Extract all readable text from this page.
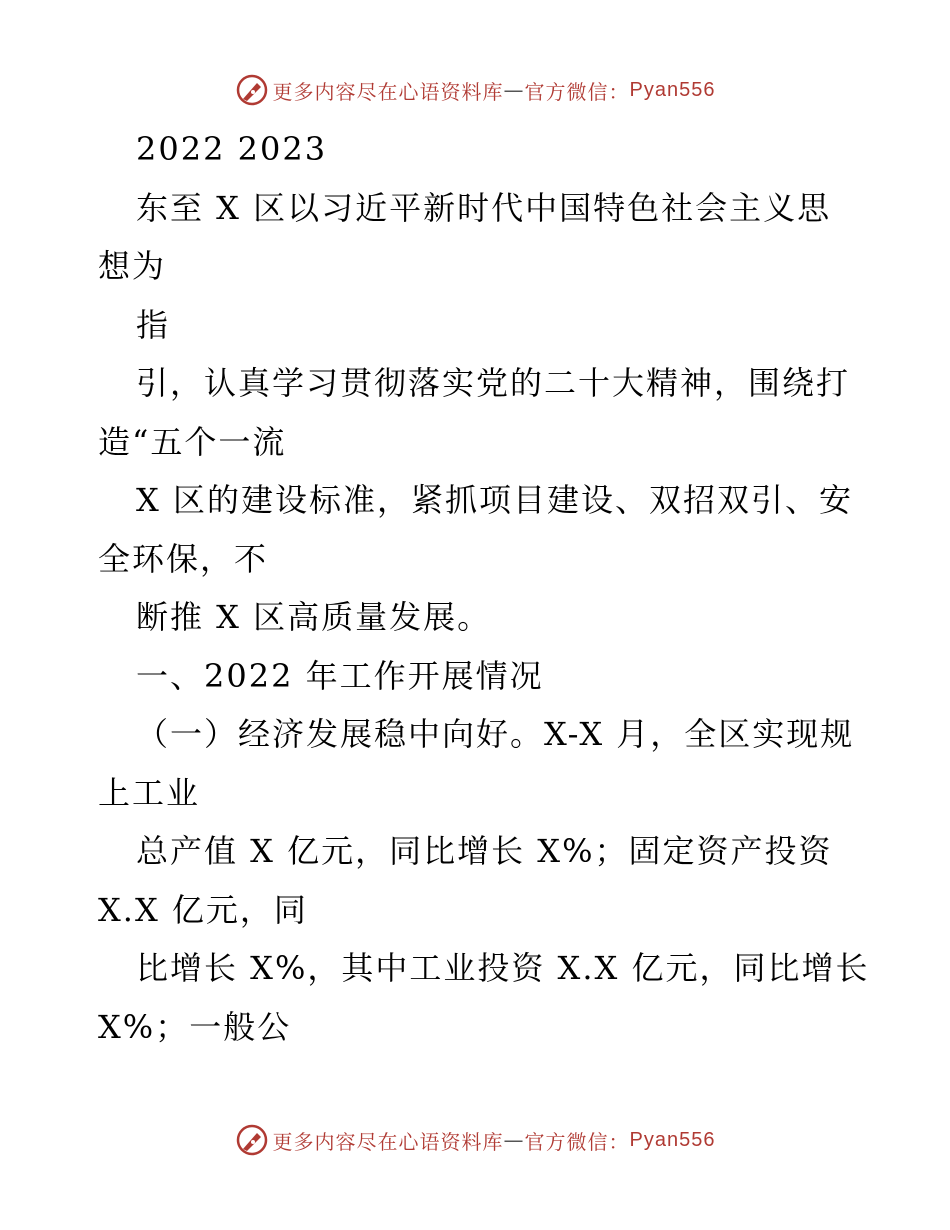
更多内容尽在心语资料库 — 官方微信： Pyan556
2022 2023
东至 X 区以习近平新时代中国特色社会主义思
想为
指
引，认真学习贯彻落实党的二十大精神，围绕打
造“五个一流
X 区的建设标准，紧抓项目建设、双招双引、安
全环保，不
断推 X 区高质量发展。
一、2022 年工作开展情况
（一）经济发展稳中向好。X-X 月，全区实现规
上工业
总产值 X 亿元，同比增长 X%；固定资产投资
X.X 亿元，同
比增长 X%，其中工业投资 X.X 亿元，同比增长
X%；一般公
更多内容尽在心语资料库 — 官方微信： Pyan556
